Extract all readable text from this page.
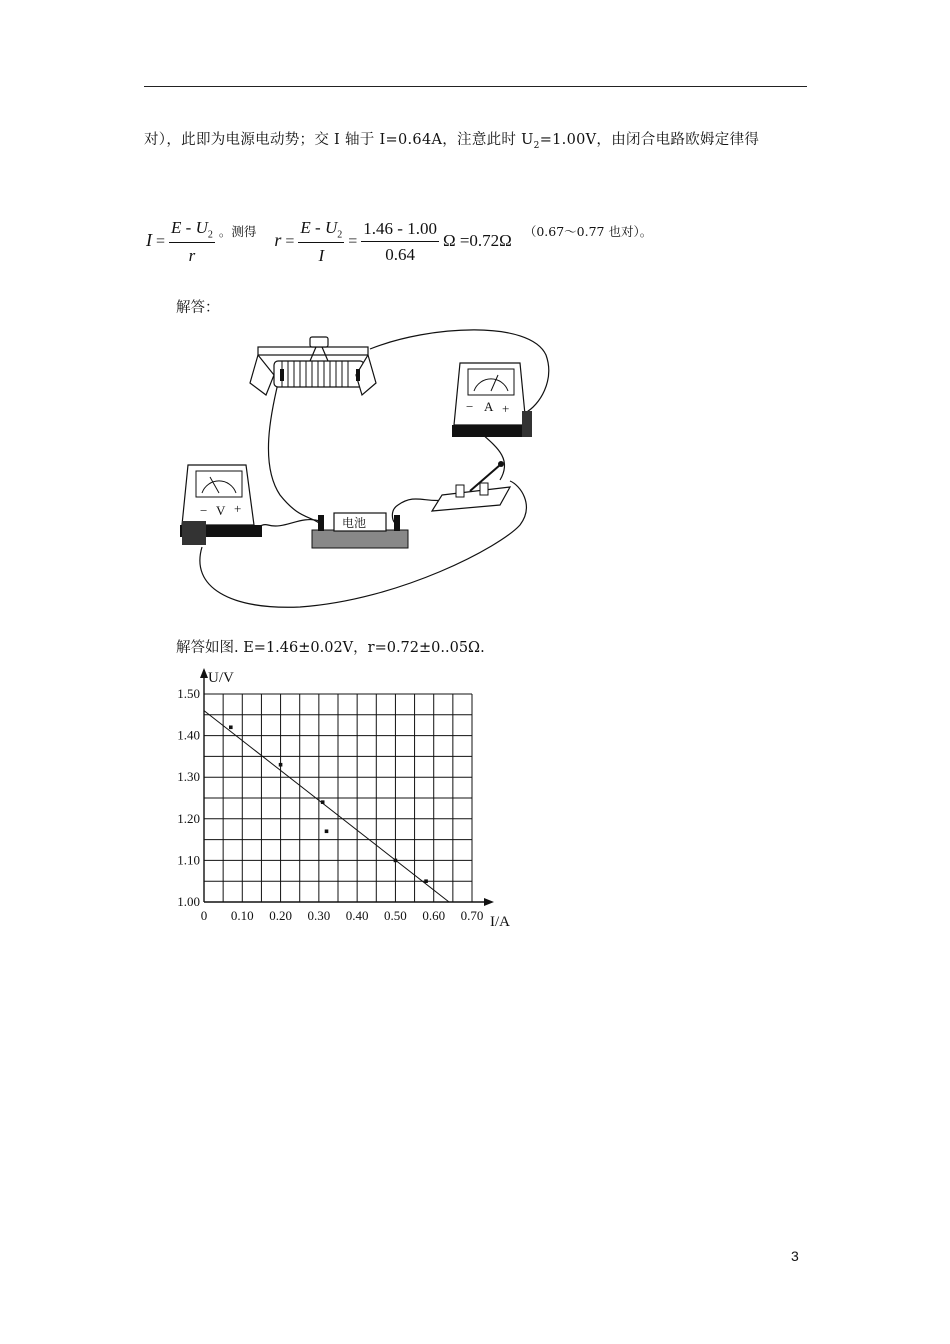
对），此即为电源电动势；交 I 轴于 I=0.64A，注意此时 $U_2=1.00V$，由闭合电路欧姆定律得
$I = \frac{E - U_2}{r} ^{。测得}$ $r = \frac{E - U_2}{I} = \frac{1.46 - 1.00}{0.64}$ Ω =0.72Ω $^{(0.67\sim 0.77 也对)。}$
解答：
− A +
电池
− V +
解答如图. E=1.46±0.02V，r=0.72±0..05Ω.
0 0.10 0.20 0.30 0.40 0.50 0.60 0.70
1.00
1.10
1.20
1.30
1.40
1.50
U/V
I/A
3
